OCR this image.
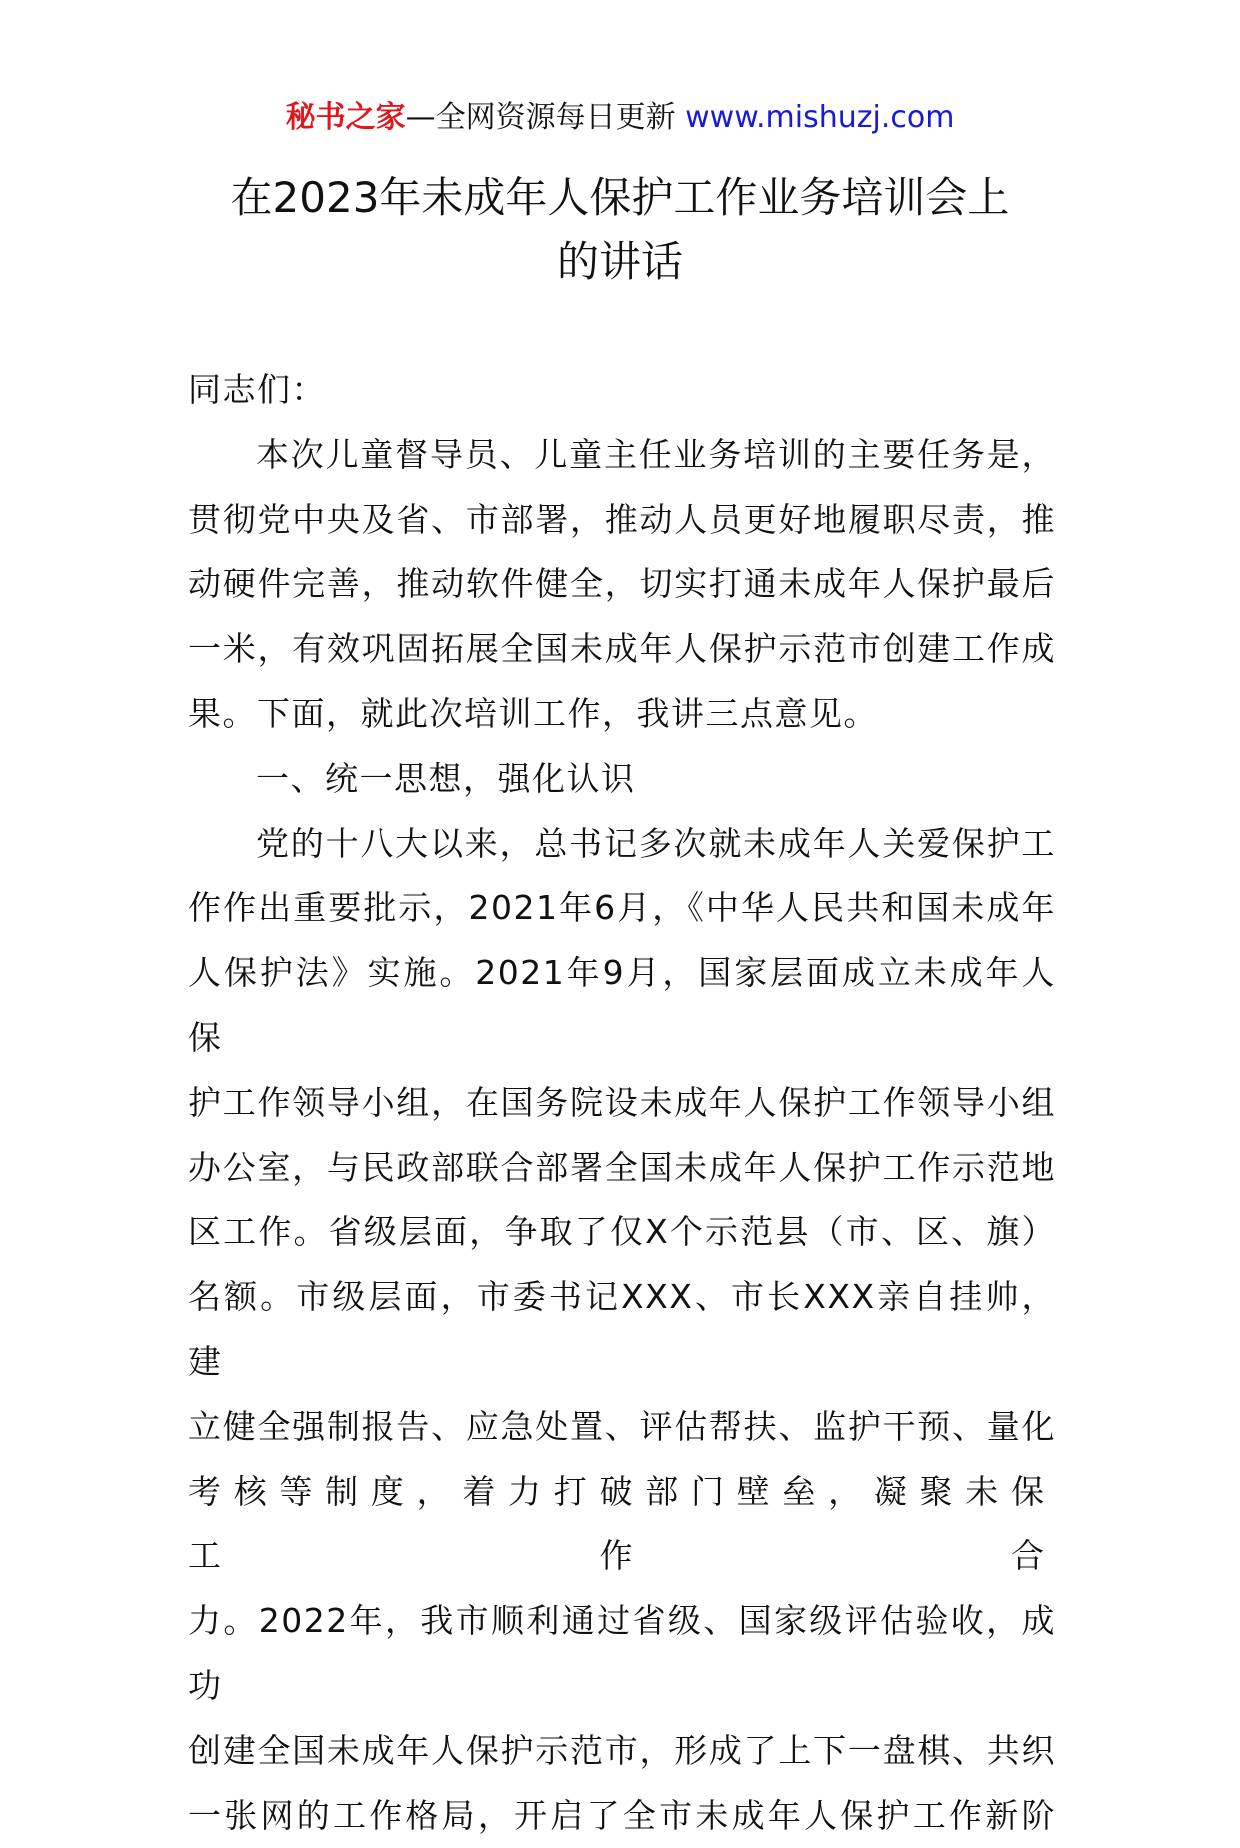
秘书之家—全网资源每日更新 www.mishuzj.com
在2023年未成年人保护工作业务培训会上
的讲话

同志们：

本次儿童督导员、儿童主任业务培训的主要任务是，
贯彻党中央及省、市部署，推动人员更好地履职尽责，推
动硬件完善，推动软件健全，切实打通未成年人保护最后
一米，有效巩固拓展全国未成年人保护示范市创建工作成
果。下面，就此次培训工作，我讲三点意见。

一、统一思想，强化认识

党的十八大以来，总书记多次就未成年人关爱保护工
作作出重要批示，2021年6月，《中华人民共和国未成年
人保护法》实施。2021年9月，国家层面成立未成年人保
护工作领导小组，在国务院设未成年人保护工作领导小组
办公室，与民政部联合部署全国未成年人保护工作示范地
区工作。省级层面，争取了仅X个示范县（市、区、旗）
名额。市级层面，市委书记XXX、市长XXX亲自挂帅，建
立健全强制报告、应急处置、评估帮扶、监护干预、量化
考核等制度，着力打破部门壁垒，凝聚未保工作合
力。2022年，我市顺利通过省级、国家级评估验收，成功
创建全国未成年人保护示范市，形成了上下一盘棋、共织
一张网的工作格局，开启了全市未成年人保护工作新阶
